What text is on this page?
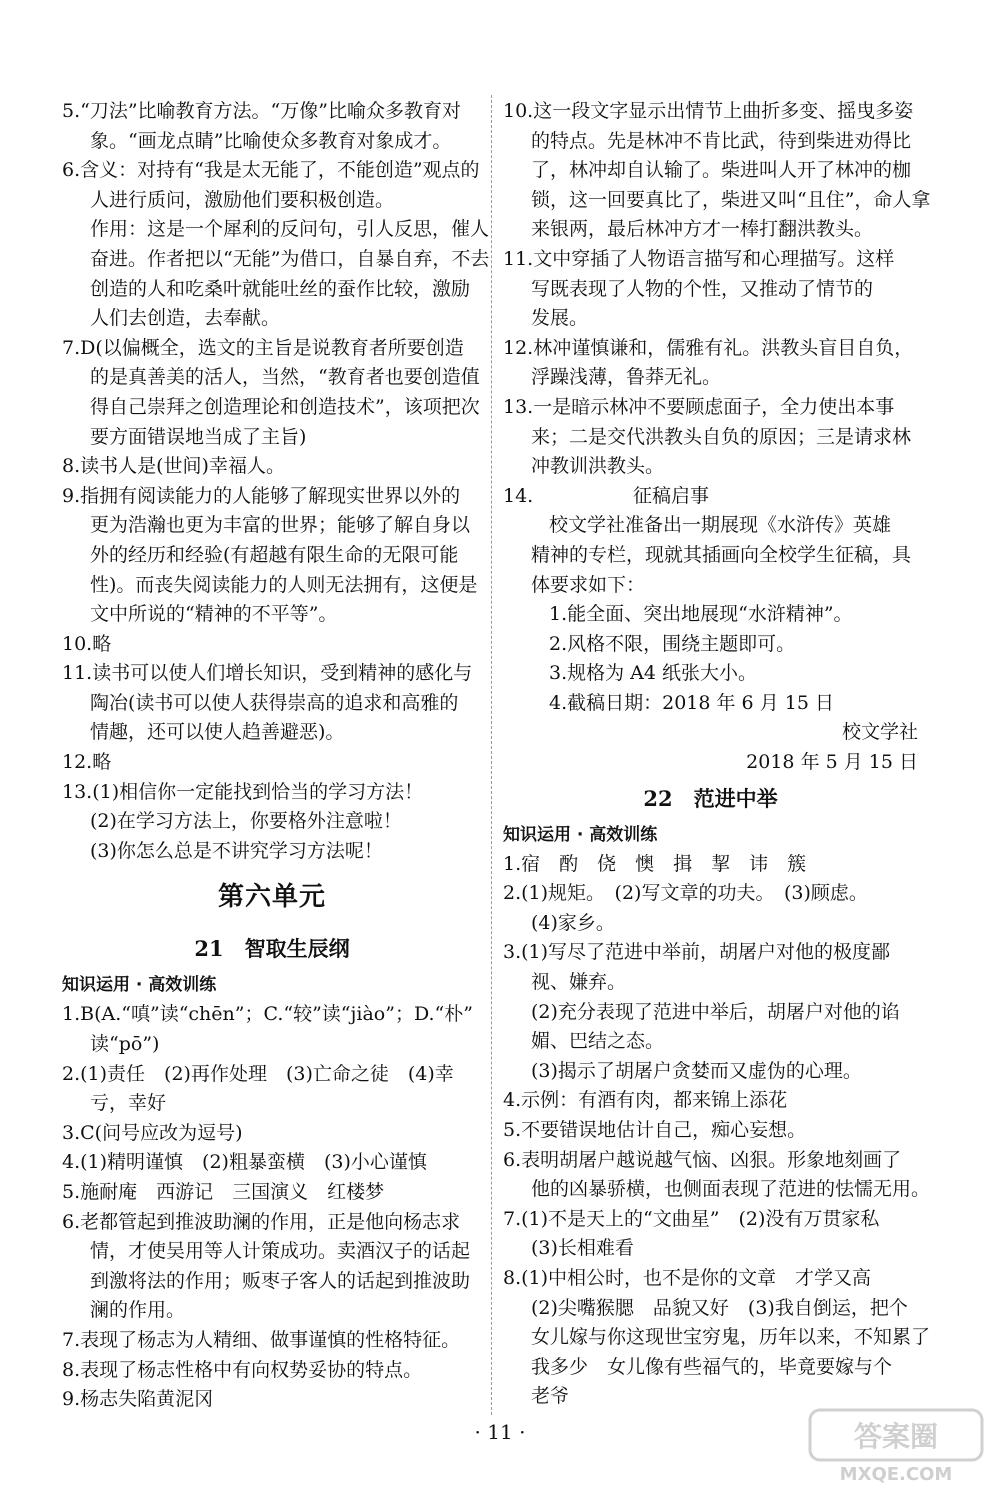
5.“刀法”比喻教育方法。“万像”比喻众多教育对
象。“画龙点睛”比喻使众多教育对象成才。
6.含义：对持有“我是太无能了，不能创造”观点的
人进行质问，激励他们要积极创造。
作用：这是一个犀利的反问句，引人反思，催人
奋进。作者把以“无能”为借口，自暴自弃，不去
创造的人和吃桑叶就能吐丝的蚕作比较，激励
人们去创造，去奉献。
7.D(以偏概全，选文的主旨是说教育者所要创造
的是真善美的活人，当然，“教育者也要创造值
得自己崇拜之创造理论和创造技术”，该项把次
要方面错误地当成了主旨)
8.读书人是(世间)幸福人。
9.指拥有阅读能力的人能够了解现实世界以外的
更为浩瀚也更为丰富的世界；能够了解自身以
外的经历和经验(有超越有限生命的无限可能
性)。而丧失阅读能力的人则无法拥有，这便是
文中所说的“精神的不平等”。
10.略
11.读书可以使人们增长知识，受到精神的感化与
陶冶(读书可以使人获得崇高的追求和高雅的
情趣，还可以使人趋善避恶)。
12.略
13.(1)相信你一定能找到恰当的学习方法！
(2)在学习方法上，你要格外注意啦！
(3)你怎么总是不讲究学习方法呢！
第六单元
21　智取生辰纲
知识运用 · 高效训练
1.B(A.“嗔”读“chēn”；C.“较”读“jiào”；D.“朴”
读“pō”)
2.(1)责任　(2)再作处理　(3)亡命之徒　(4)幸
亏，幸好
3.C(问号应改为逗号)
4.(1)精明谨慎　(2)粗暴蛮横　(3)小心谨慎
5.施耐庵　西游记　三国演义　红楼梦
6.老都管起到推波助澜的作用，正是他向杨志求
情，才使吴用等人计策成功。卖酒汉子的话起
到激将法的作用；贩枣子客人的话起到推波助
澜的作用。
7.表现了杨志为人精细、做事谨慎的性格特征。
8.表现了杨志性格中有向权势妥协的特点。
9.杨志失陷黄泥冈
10.这一段文字显示出情节上曲折多变、摇曳多姿
的特点。先是林冲不肯比武，待到柴进劝得比
了，林冲却自认输了。柴进叫人开了林冲的枷
锁，这一回要真比了，柴进又叫“且住”，命人拿
来银两，最后林冲方才一棒打翻洪教头。
11.文中穿插了人物语言描写和心理描写。这样
写既表现了人物的个性，又推动了情节的
发展。
12.林冲谨慎谦和，儒雅有礼。洪教头盲目自负，
浮躁浅薄，鲁莽无礼。
13.一是暗示林冲不要顾虑面子，全力使出本事
来；二是交代洪教头自负的原因；三是请求林
冲教训洪教头。
14.	征稿启事
校文学社准备出一期展现《水浒传》英雄
精神的专栏，现就其插画向全校学生征稿，具
体要求如下：
1.能全面、突出地展现“水浒精神”。
2.风格不限，围绕主题即可。
3.规格为 A4 纸张大小。
4.截稿日期：2018 年 6 月 15 日
校文学社
2018 年 5 月 15 日
22　范进中举
知识运用 · 高效训练
1.宿　酌　侥　懊　揖　挈　讳　簇
2.(1)规矩。　(2)写文章的功夫。　(3)顾虑。
(4)家乡。
3.(1)写尽了范进中举前，胡屠户对他的极度鄙
视、嫌弃。
(2)充分表现了范进中举后，胡屠户对他的谄
媚、巴结之态。
(3)揭示了胡屠户贪婪而又虚伪的心理。
4.示例：有酒有肉，都来锦上添花
5.不要错误地估计自己，痴心妄想。
6.表明胡屠户越说越气恼、凶狠。形象地刻画了
他的凶暴骄横，也侧面表现了范进的怯懦无用。
7.(1)不是天上的“文曲星”　(2)没有万贯家私
(3)长相难看
8.(1)中相公时，也不是你的文章　才学又高
(2)尖嘴猴腮　品貌又好　(3)我自倒运，把个
女儿嫁与你这现世宝穷鬼，历年以来，不知累了
我多少　女儿像有些福气的，毕竟要嫁与个
老爷
· 11 ·	答案圈
MXQE.COM
